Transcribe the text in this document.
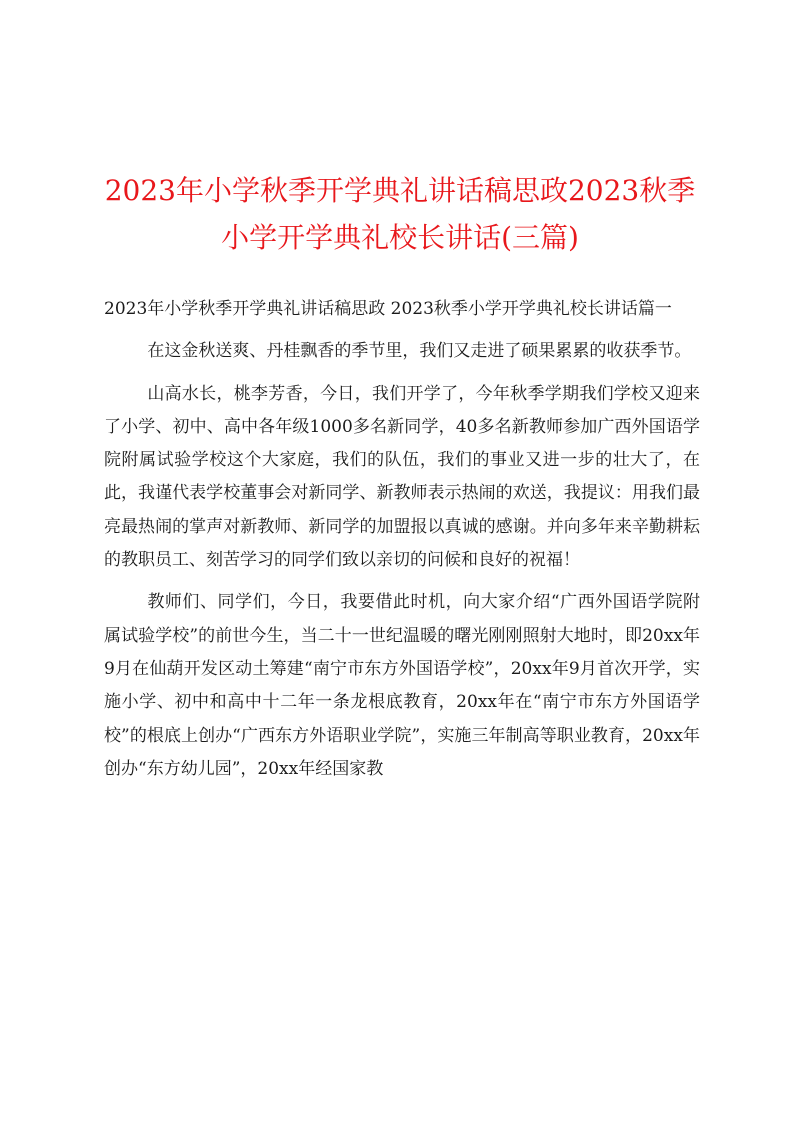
2023年小学秋季开学典礼讲话稿思政2023秋季小学开学典礼校长讲话(三篇)

2023年小学秋季开学典礼讲话稿思政 2023秋季小学开学典礼校长讲话篇一

在这金秋送爽、丹桂飘香的季节里，我们又走进了硕果累累的收获季节。

山高水长，桃李芳香，今日，我们开学了，今年秋季学期我们学校又迎来了小学、初中、高中各年级1000多名新同学，40多名新教师参加广西外国语学院附属试验学校这个大家庭，我们的队伍，我们的事业又进一步的壮大了，在此，我谨代表学校董事会对新同学、新教师表示热闹的欢送，我提议：用我们最亮最热闹的掌声对新教师、新同学的加盟报以真诚的感谢。并向多年来辛勤耕耘的教职员工、刻苦学习的同学们致以亲切的问候和良好的祝福！

教师们、同学们，今日，我要借此时机，向大家介绍“广西外国语学院附属试验学校”的前世今生，当二十一世纪温暖的曙光刚刚照射大地时，即20xx年9月在仙葫开发区动土筹建“南宁市东方外国语学校”，20xx年9月首次开学，实施小学、初中和高中十二年一条龙根底教育，20xx年在“南宁市东方外国语学校”的根底上创办“广西东方外语职业学院”，实施三年制高等职业教育，20xx年创办“东方幼儿园”，20xx年经国家教
